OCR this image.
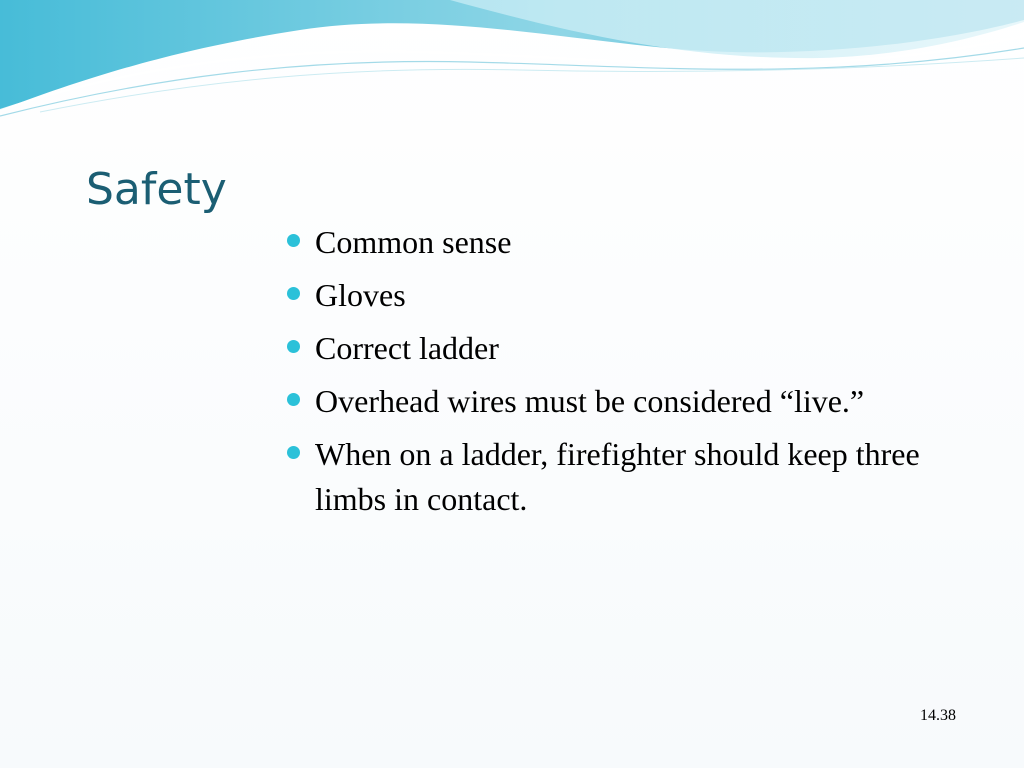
Safety
Common sense
Gloves
Correct ladder
Overhead wires must be considered “live.”
When on a ladder, firefighter should keep three limbs in contact.
14.38
